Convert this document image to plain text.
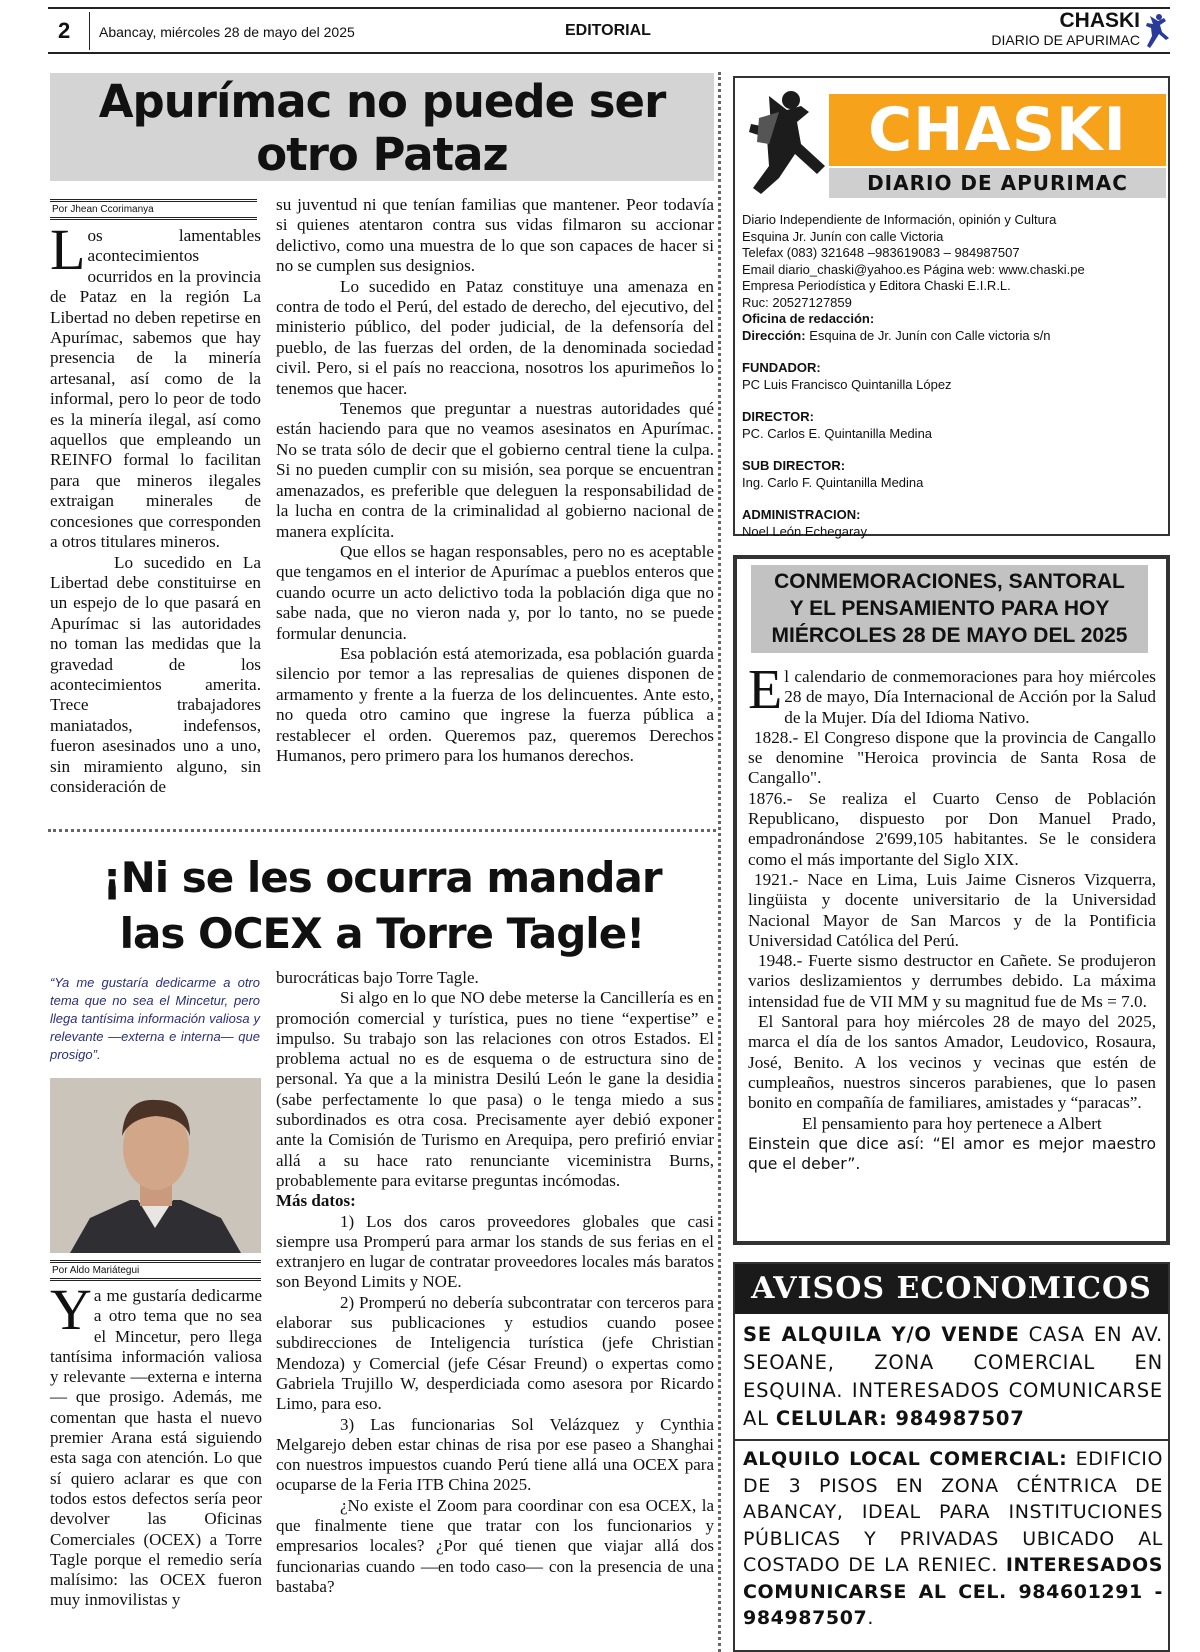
2 Abancay, miércoles 28 de mayo del 2025	EDITORIAL	CHASKI
DIARIO DE APURIMAC
Apurímac no puede ser otro Pataz
Por Jhean Ccorimanya

Los lamentables acontecimientos ocurridos en la provincia de Pataz en la región La Libertad no deben repetirse en Apurímac, sabemos que hay presencia de la minería artesanal, así como de la informal, pero lo peor de todo es la minería ilegal, así como aquellos que empleando un REINFO formal lo facilitan para que mineros ilegales extraigan minerales de concesiones que corresponden a otros titulares mineros.

Lo sucedido en La Libertad debe constituirse en un espejo de lo que pasará en Apurímac si las autoridades no toman las medidas que la gravedad de los acontecimientos amerita. Trece trabajadores maniatados, indefensos, fueron asesinados uno a uno, sin miramiento alguno, sin consideración de

su juventud ni que tenían familias que mantener. Peor todavía si quienes atentaron contra sus vidas filmaron su accionar delictivo, como una muestra de lo que son capaces de hacer si no se cumplen sus designios.

Lo sucedido en Pataz constituye una amenaza en contra de todo el Perú, del estado de derecho, del ejecutivo, del ministerio público, del poder judicial, de la defensoría del pueblo, de las fuerzas del orden, de la denominada sociedad civil. Pero, si el país no reacciona, nosotros los apurimeños lo tenemos que hacer.

Tenemos que preguntar a nuestras autoridades qué están haciendo para que no veamos asesinatos en Apurímac. No se trata sólo de decir que el gobierno central tiene la culpa. Si no pueden cumplir con su misión, sea porque se encuentran amenazados, es preferible que deleguen la responsabilidad de la lucha en contra de la criminalidad al gobierno nacional de manera explícita.

Que ellos se hagan responsables, pero no es aceptable que tengamos en el interior de Apurímac a pueblos enteros que cuando ocurre un acto delictivo toda la población diga que no sabe nada, que no vieron nada y, por lo tanto, no se puede formular denuncia.

Esa población está atemorizada, esa población guarda silencio por temor a las represalias de quienes disponen de armamento y frente a la fuerza de los delincuentes. Ante esto, no queda otro camino que ingrese la fuerza pública a restablecer el orden. Queremos paz, queremos Derechos Humanos, pero primero para los humanos derechos.

¡Ni se les ocurra mandar
las OCEX a Torre Tagle!
“Ya me gustaría dedicarme a otro tema que no sea el Mincetur, pero llega tantísima información valiosa y relevante —externa e interna— que prosigo”.
Por Aldo Mariátegui

Ya me gustaría dedicarme a otro tema que no sea el Mincetur, pero llega tantísima información valiosa y relevante —externa e interna— que prosigo. Además, me comentan que hasta el nuevo premier Arana está siguiendo esta saga con atención. Lo que sí quiero aclarar es que con todos estos defectos sería peor devolver las Oficinas Comerciales (OCEX) a Torre Tagle porque el remedio sería malísimo: las OCEX fueron muy inmovilistas y

burocráticas bajo Torre Tagle.

Si algo en lo que NO debe meterse la Cancillería es en promoción comercial y turística, pues no tiene “expertise” e impulso. Su trabajo son las relaciones con otros Estados. El problema actual no es de esquema o de estructura sino de personal. Ya que a la ministra Desilú León le gane la desidia (sabe perfectamente lo que pasa) o le tenga miedo a sus subordinados es otra cosa. Precisamente ayer debió exponer ante la Comisión de Turismo en Arequipa, pero prefirió enviar allá a su hace rato renunciante viceministra Burns, probablemente para evitarse preguntas incómodas.

Más datos:

1) Los dos caros proveedores globales que casi siempre usa Promperú para armar los stands de sus ferias en el extranjero en lugar de contratar proveedores locales más baratos son Beyond Limits y NOE.

2) Promperú no debería subcontratar con terceros para elaborar sus publicaciones y estudios cuando posee subdirecciones de Inteligencia turística (jefe Christian Mendoza) y Comercial (jefe César Freund) o expertas como Gabriela Trujillo W, desperdiciada como asesora por Ricardo Limo, para eso.

3) Las funcionarias Sol Velázquez y Cynthia Melgarejo deben estar chinas de risa por ese paseo a Shanghai con nuestros impuestos cuando Perú tiene allá una OCEX para ocuparse de la Feria ITB China 2025.

¿No existe el Zoom para coordinar con esa OCEX, la que finalmente tiene que tratar con los funcionarios y empresarios locales? ¿Por qué tienen que viajar allá dos funcionarias cuando —en todo caso— con la presencia de una bastaba?

CHASKI
DIARIO DE APURIMAC
Diario Independiente de Información, opinión y Cultura
Esquina Jr. Junín con calle Victoria
Telefax (083) 321648 –983619083 – 984987507
Email diario_chaski@yahoo.es Página web: www.chaski.pe
Empresa Periodística y Editora Chaski E.I.R.L.
Ruc: 20527127859
Oficina de redacción:
Dirección: Esquina de Jr. Junín con Calle victoria s/n
FUNDADOR:
PC Luis Francisco Quintanilla López
DIRECTOR:
PC. Carlos E. Quintanilla Medina
SUB DIRECTOR:
Ing. Carlo F. Quintanilla Medina
ADMINISTRACION:
Noel León Echegaray
CONMEMORACIONES, SANTORAL
Y EL PENSAMIENTO PARA HOY
MIÉRCOLES 28 DE MAYO DEL 2025

El calendario de conmemoraciones para hoy miércoles 28 de mayo, Día Internacional de Acción por la Salud de la Mujer. Día del Idioma Nativo.

1828.- El Congreso dispone que la provincia de Cangallo se denomine "Heroica provincia de Santa Rosa de Cangallo".

1876.- Se realiza el Cuarto Censo de Población Republicano, dispuesto por Don Manuel Prado, empadronándose 2'699,105 habitantes. Se le considera como el más importante del Siglo XIX.

1921.- Nace en Lima, Luis Jaime Cisneros Vizquerra, lingüista y docente universitario de la Universidad Nacional Mayor de San Marcos y de la Pontificia Universidad Católica del Perú.

1948.- Fuerte sismo destructor en Cañete. Se produjeron varios deslizamientos y derrumbes debido. La máxima intensidad fue de VII MM y su magnitud fue de Ms = 7.0.

El Santoral para hoy miércoles 28 de mayo del 2025, marca el día de los santos Amador, Leudovico, Rosaura, José, Benito. A los vecinos y vecinas que estén de cumpleaños, nuestros sinceros parabienes, que lo pasen bonito en compañía de familiares, amistades y “paracas”.

El pensamiento para hoy pertenece a Albert

Einstein que dice así: “El amor es mejor maestro que el deber”.

AVISOS ECONOMICOS
SE ALQUILA Y/O VENDE CASA EN AV. SEOANE, ZONA COMERCIAL EN ESQUINA. INTERESADOS COMUNICARSE AL CELULAR: 984987507
ALQUILO LOCAL COMERCIAL: EDIFICIO DE 3 PISOS EN ZONA CÉNTRICA DE ABANCAY, IDEAL PARA INSTITUCIONES PÚBLICAS Y PRIVADAS UBICADO AL COSTADO DE LA RENIEC. INTERESADOS COMUNICARSE AL CEL. 984601291 - 984987507.
